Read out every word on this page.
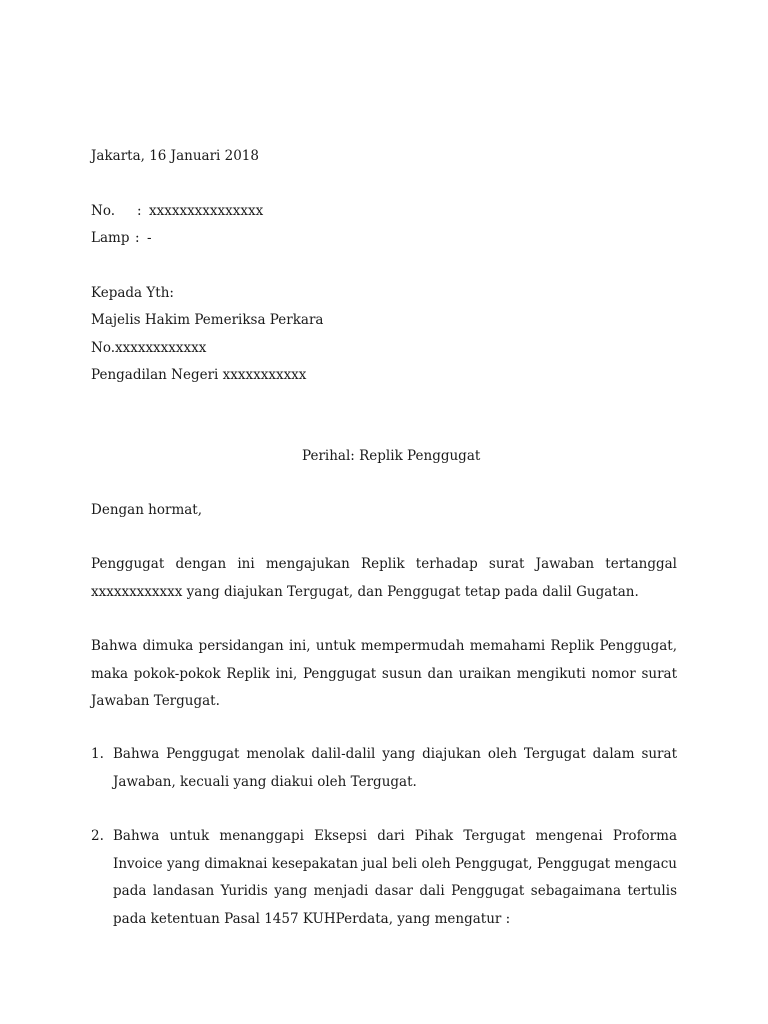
Jakarta, 16 Januari 2018
No. : xxxxxxxxxxxxxxx
Lamp : -
Kepada Yth:
Majelis Hakim Pemeriksa Perkara
No.xxxxxxxxxxxx
Pengadilan Negeri xxxxxxxxxxx
Perihal: Replik Penggugat
Dengan hormat,
Penggugat dengan ini mengajukan Replik terhadap surat Jawaban tertanggal xxxxxxxxxxxx yang diajukan Tergugat, dan Penggugat tetap pada dalil Gugatan.
Bahwa dimuka persidangan ini, untuk mempermudah memahami Replik Penggugat, maka pokok-pokok Replik ini, Penggugat susun dan uraikan mengikuti nomor surat Jawaban Tergugat.
1. Bahwa Penggugat menolak dalil-dalil yang diajukan oleh Tergugat dalam surat Jawaban, kecuali yang diakui oleh Tergugat.
2. Bahwa untuk menanggapi Eksepsi dari Pihak Tergugat mengenai Proforma Invoice yang dimaknai kesepakatan jual beli oleh Penggugat, Penggugat mengacu pada landasan Yuridis yang menjadi dasar dali Penggugat sebagaimana tertulis pada ketentuan Pasal 1457 KUHPerdata, yang mengatur :
